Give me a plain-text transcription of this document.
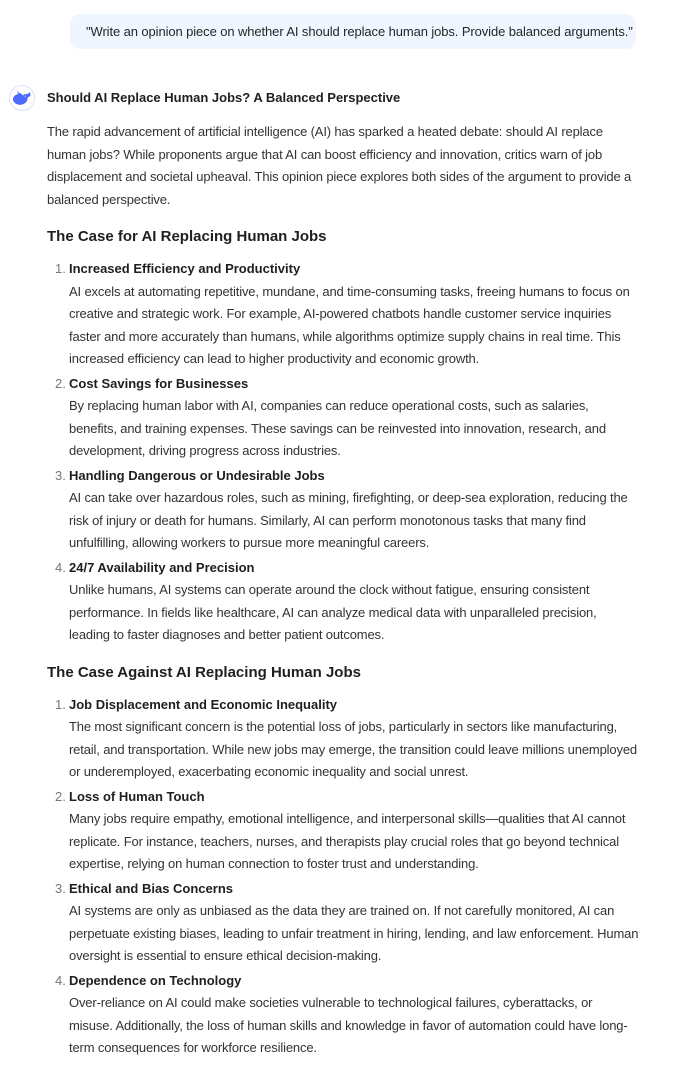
"Write an opinion piece on whether AI should replace human jobs. Provide balanced arguments."
Should AI Replace Human Jobs? A Balanced Perspective

The rapid advancement of artificial intelligence (AI) has sparked a heated debate: should AI replace human jobs? While proponents argue that AI can boost efficiency and innovation, critics warn of job displacement and societal upheaval. This opinion piece explores both sides of the argument to provide a balanced perspective.

The Case for AI Replacing Human Jobs
1. Increased Efficiency and Productivity
AI excels at automating repetitive, mundane, and time-consuming tasks, freeing humans to focus on creative and strategic work. For example, AI-powered chatbots handle customer service inquiries faster and more accurately than humans, while algorithms optimize supply chains in real time. This increased efficiency can lead to higher productivity and economic growth.
2. Cost Savings for Businesses
By replacing human labor with AI, companies can reduce operational costs, such as salaries, benefits, and training expenses. These savings can be reinvested into innovation, research, and development, driving progress across industries.
3. Handling Dangerous or Undesirable Jobs
AI can take over hazardous roles, such as mining, firefighting, or deep-sea exploration, reducing the risk of injury or death for humans. Similarly, AI can perform monotonous tasks that many find unfulfilling, allowing workers to pursue more meaningful careers.
4. 24/7 Availability and Precision
Unlike humans, AI systems can operate around the clock without fatigue, ensuring consistent performance. In fields like healthcare, AI can analyze medical data with unparalleled precision, leading to faster diagnoses and better patient outcomes.
The Case Against AI Replacing Human Jobs
1. Job Displacement and Economic Inequality
The most significant concern is the potential loss of jobs, particularly in sectors like manufacturing, retail, and transportation. While new jobs may emerge, the transition could leave millions unemployed or underemployed, exacerbating economic inequality and social unrest.
2. Loss of Human Touch
Many jobs require empathy, emotional intelligence, and interpersonal skills—qualities that AI cannot replicate. For instance, teachers, nurses, and therapists play crucial roles that go beyond technical expertise, relying on human connection to foster trust and understanding.
3. Ethical and Bias Concerns
AI systems are only as unbiased as the data they are trained on. If not carefully monitored, AI can perpetuate existing biases, leading to unfair treatment in hiring, lending, and law enforcement. Human oversight is essential to ensure ethical decision-making.
4. Dependence on Technology
Over-reliance on AI could make societies vulnerable to technological failures, cyberattacks, or misuse. Additionally, the loss of human skills and knowledge in favor of automation could have long-term consequences for workforce resilience.
